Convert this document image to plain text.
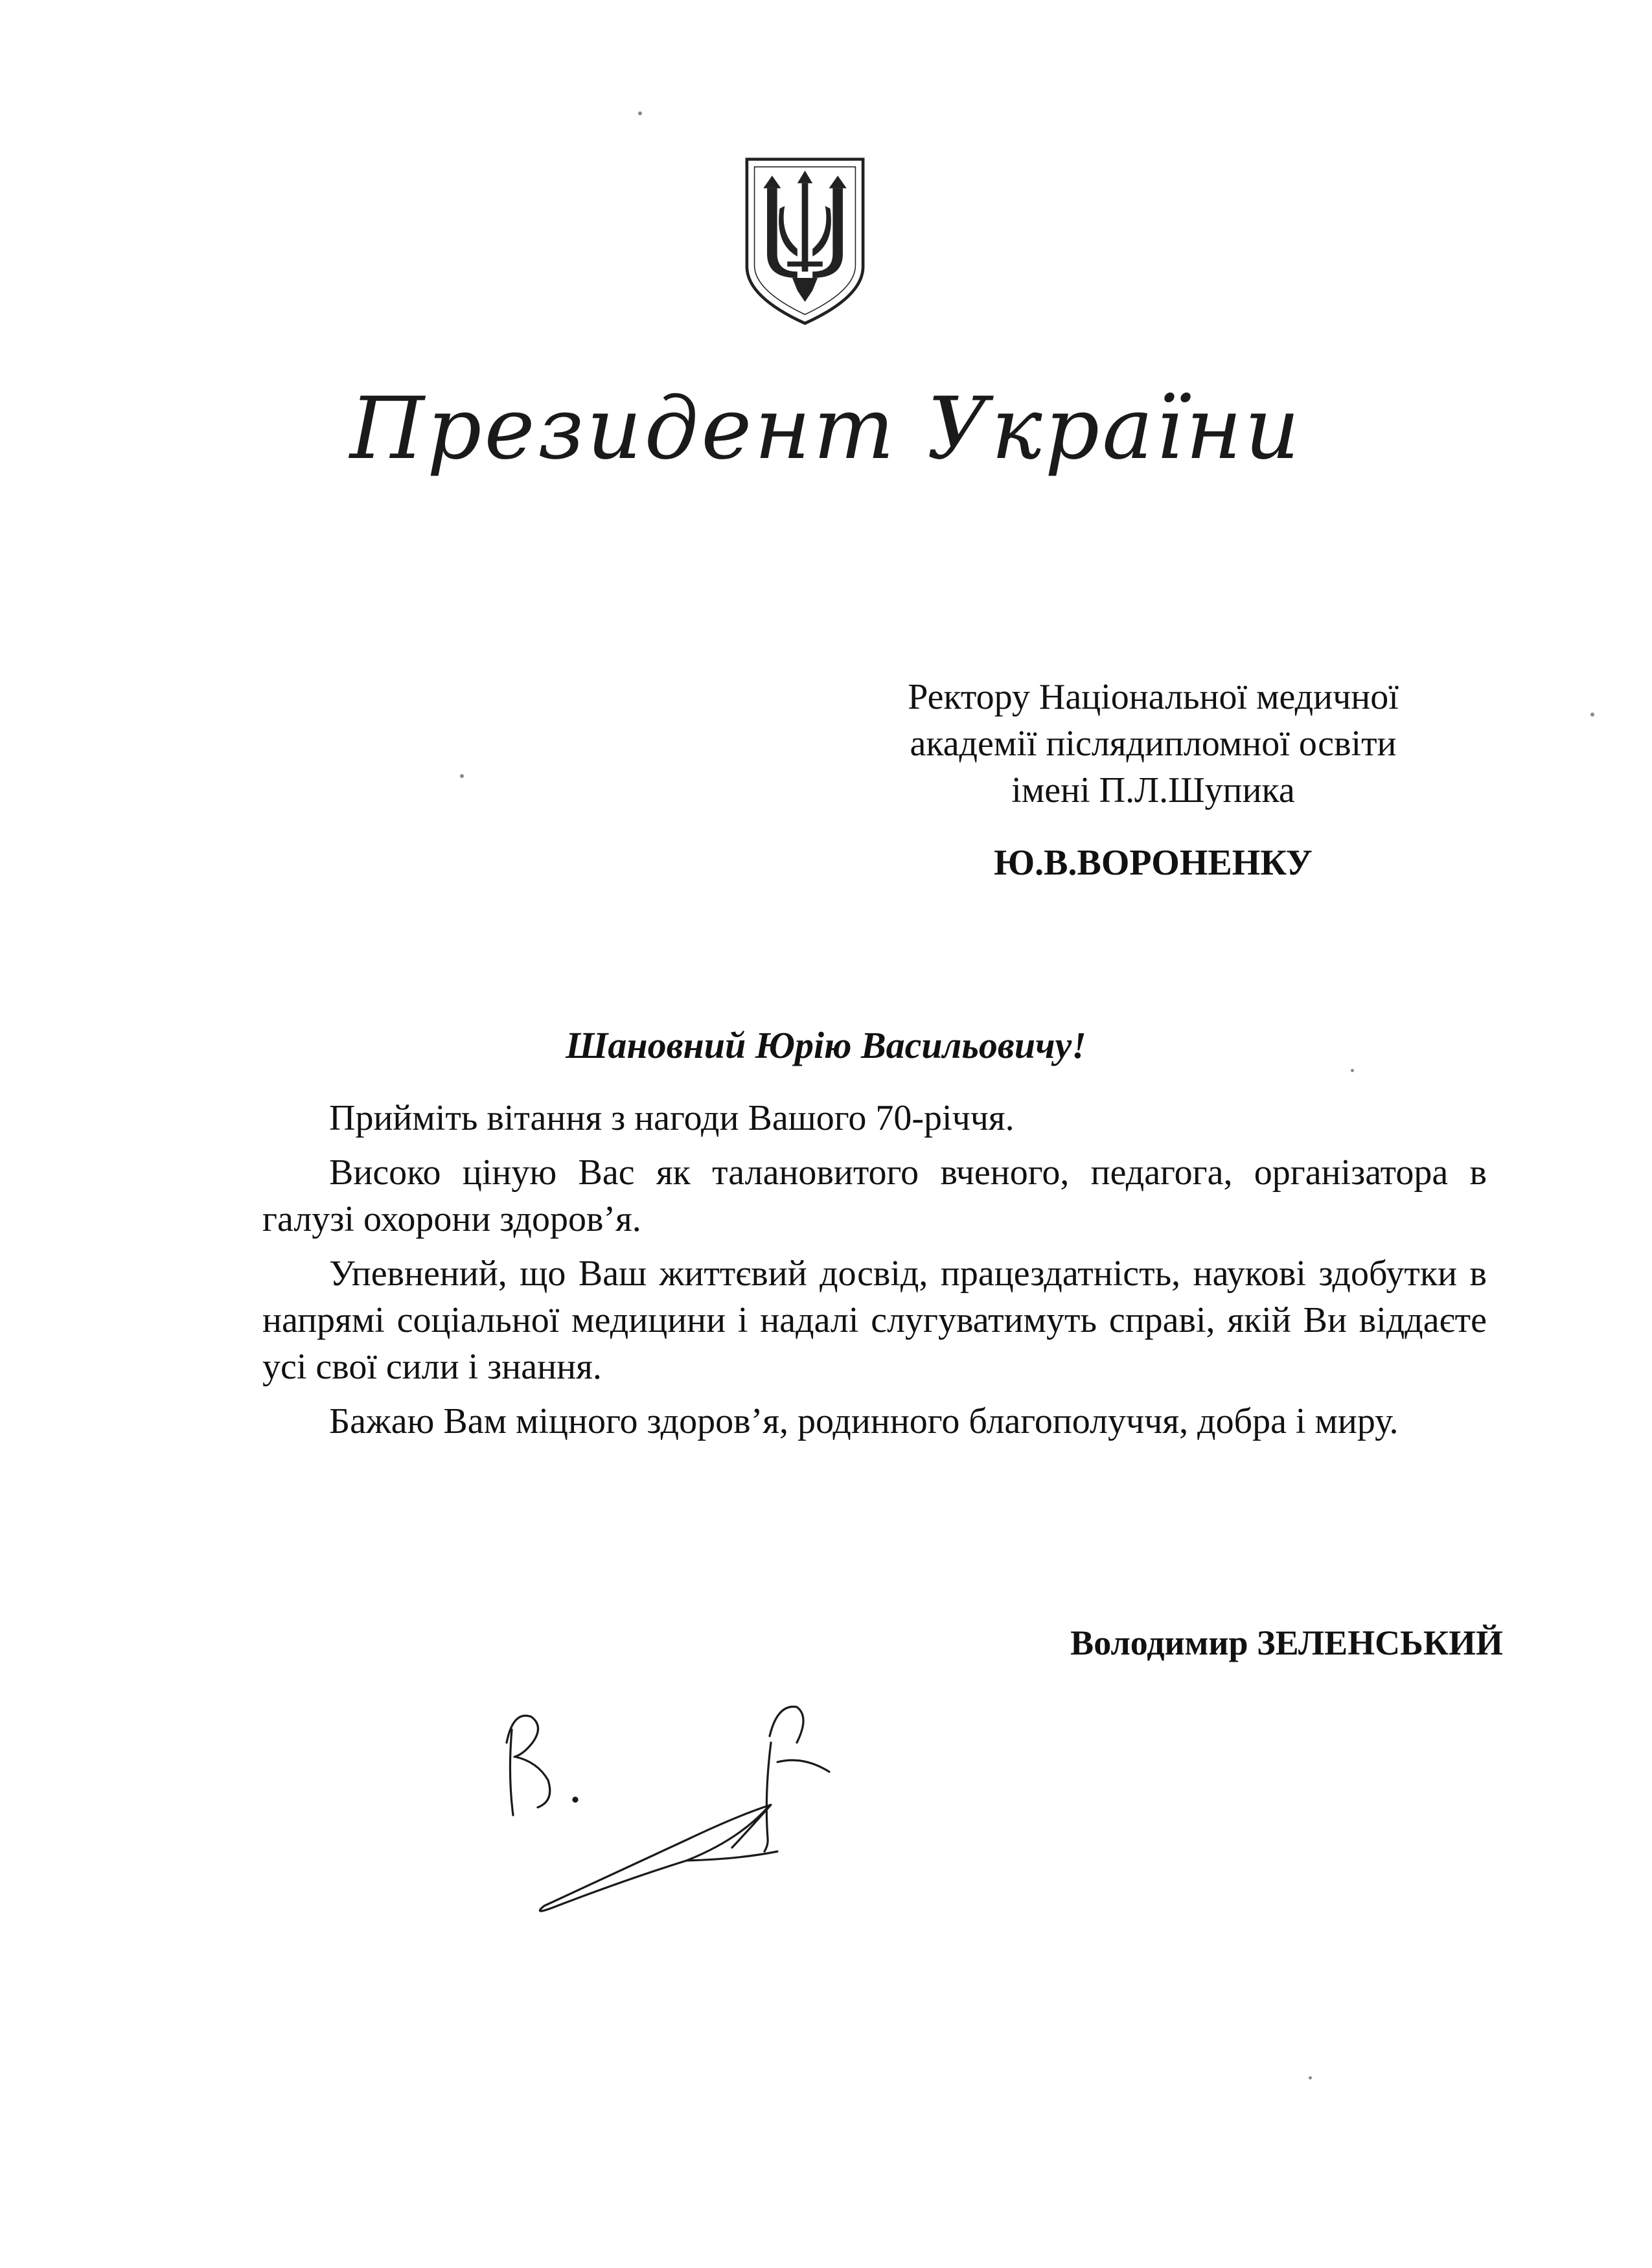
Президент України
Ректору Національної медичної
академії післядипломної освіти
імені П.Л.Шупика
Ю.В.ВОРОНЕНКУ
Шановний Юрію Васильовичу!

Прийміть вітання з нагоди Вашого 70-річчя.

Високо ціную Вас як талановитого вченого, педагога, організатора в галузі охорони здоров’я.

Упевнений, що Ваш життєвий досвід, працездатність, наукові здобутки в напрямі соціальної медицини і надалі слугуватимуть справі, якій Ви віддаєте усі свої сили і знання.

Бажаю Вам міцного здоров’я, родинного благополуччя, добра і миру.

Володимир ЗЕЛЕНСЬКИЙ
